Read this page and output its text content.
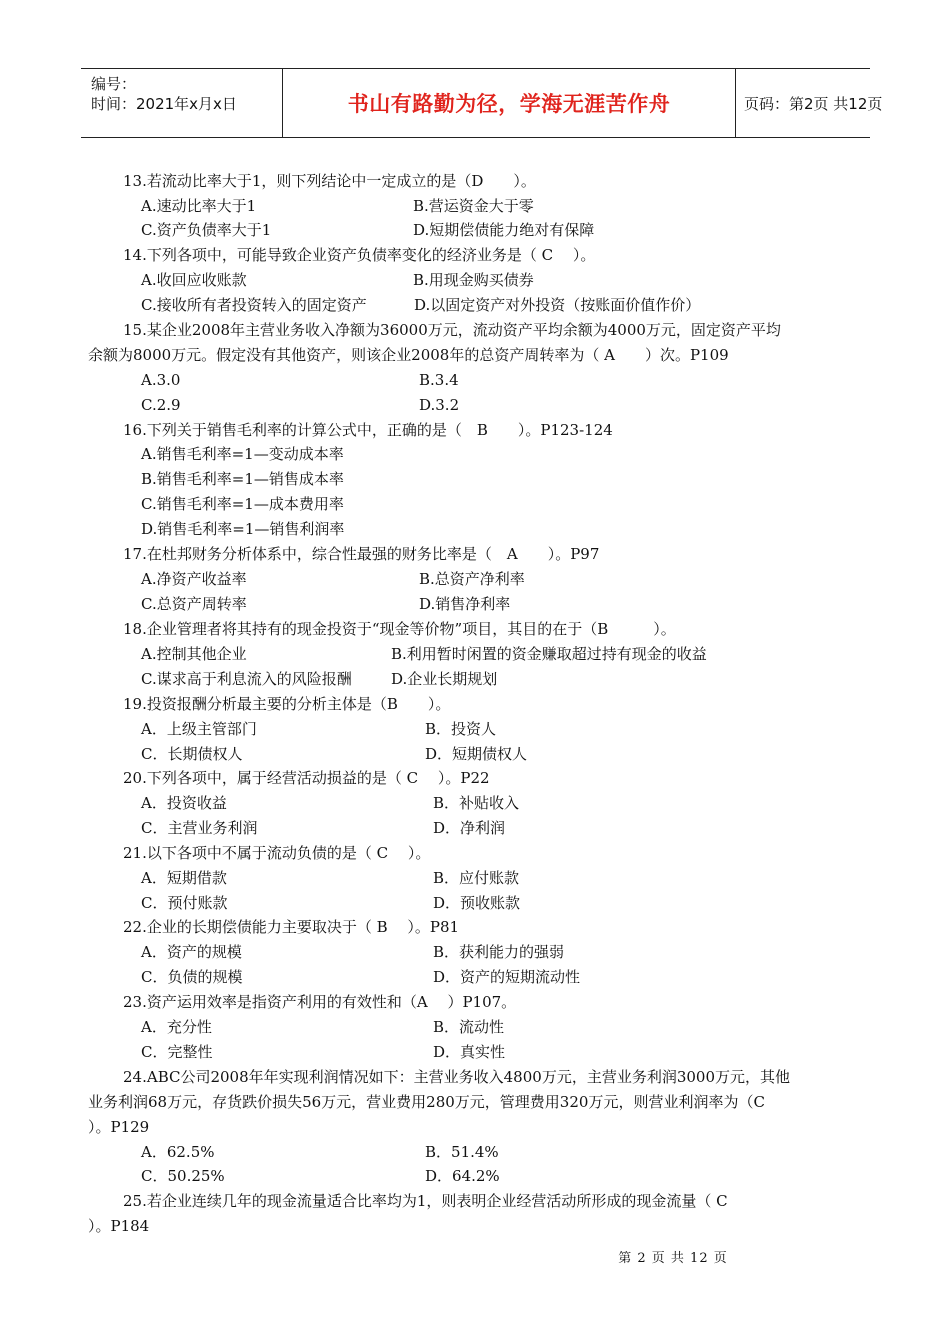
编号：
时间：2021年x月x日	书山有路勤为径，学海无涯苦作舟	页码：第2页 共12页
13.若流动比率大于1，则下列结论中一定成立的是（D　　）。
A.速动比率大于1	B.营运资金大于零
C.资产负债率大于1	D.短期偿债能力绝对有保障
14.下列各项中，可能导致企业资产负债率变化的经济业务是（ C　 ）。
A.收回应收账款	B.用现金购买债券
C.接收所有者投资转入的固定资产	D.以固定资产对外投资（按账面价值作价）
15.某企业2008年主营业务收入净额为36000万元，流动资产平均余额为4000万元，固定资产平均
余额为8000万元。假定没有其他资产，则该企业2008年的总资产周转率为（ A　　）次。P109
A.3.0	B.3.4
C.2.9	D.3.2
16.下列关于销售毛利率的计算公式中，正确的是（　B　　）。P123-124
A.销售毛利率=1—变动成本率
B.销售毛利率=1—销售成本率
C.销售毛利率=1—成本费用率
D.销售毛利率=1—销售利润率
17.在杜邦财务分析体系中，综合性最强的财务比率是（　A　　）。P97
A.净资产收益率	B.总资产净利率
C.总资产周转率	D.销售净利率
18.企业管理者将其持有的现金投资于“现金等价物”项目，其目的在于（B　　　）。
A.控制其他企业	B.利用暂时闲置的资金赚取超过持有现金的收益
C.谋求高于利息流入的风险报酬	D.企业长期规划
19.投资报酬分析最主要的分析主体是（B　　）。
A．上级主管部门	B．投资人
C．长期债权人	D．短期债权人
20.下列各项中，属于经营活动损益的是（ C　 ）。P22
A．投资收益	B．补贴收入
C．主营业务利润	D．净利润
21.以下各项中不属于流动负债的是（ C　 ）。
A．短期借款	B．应付账款
C．预付账款	D．预收账款
22.企业的长期偿债能力主要取决于（ B　 ）。P81
A．资产的规模	B．获利能力的强弱
C．负债的规模	D．资产的短期流动性
23.资产运用效率是指资产利用的有效性和（A　 ）P107。
A．充分性	B．流动性
C．完整性	D．真实性
24.ABC公司2008年年实现利润情况如下：主营业务收入4800万元，主营业务利润3000万元，其他
业务利润68万元，存货跌价损失56万元，营业费用280万元，管理费用320万元，则营业利润率为（C
）。P129
A．62.5%	B．51.4%
C．50.25%	D．64.2%
25.若企业连续几年的现金流量适合比率均为1，则表明企业经营活动所形成的现金流量（ C
）。P184
第 2 页 共 12 页
